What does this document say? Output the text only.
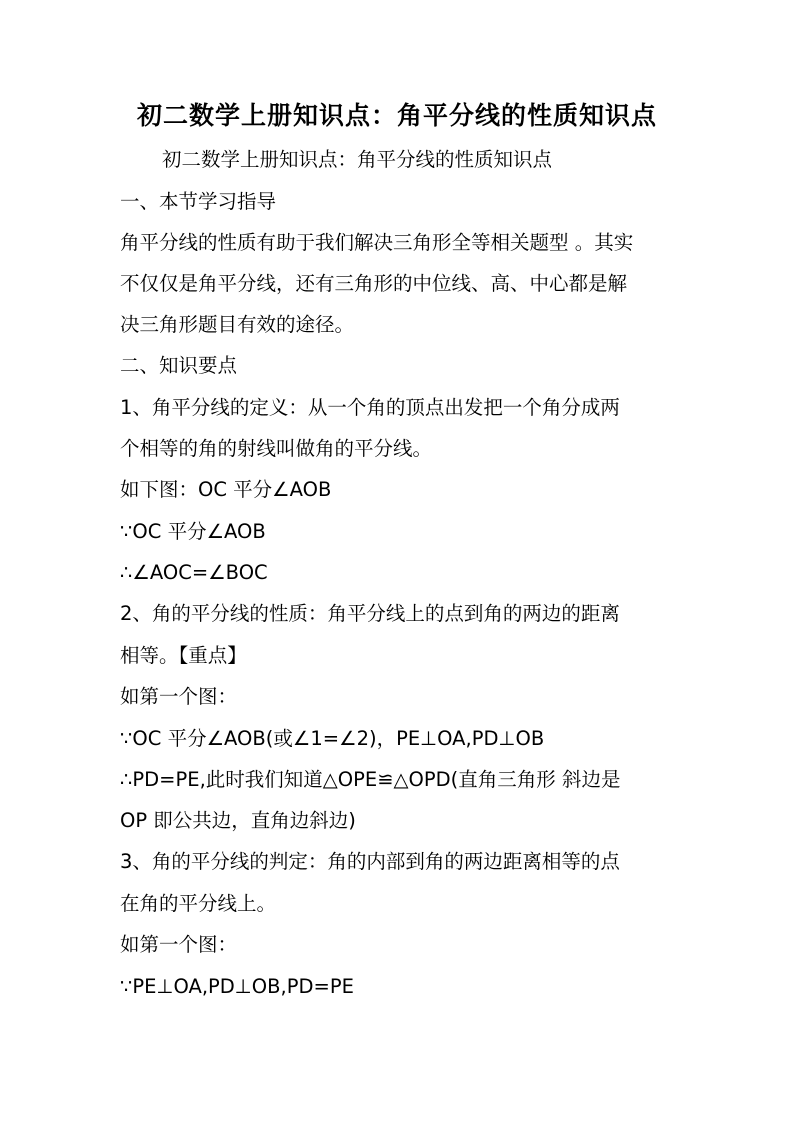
初二数学上册知识点：角平分线的性质知识点
初二数学上册知识点：角平分线的性质知识点
一、本节学习指导
角平分线的性质有助于我们解决三角形全等相关题型 。其实
不仅仅是角平分线，还有三角形的中位线、高、中心都是解
决三角形题目有效的途径。
二、知识要点
1、角平分线的定义：从一个角的顶点出发把一个角分成两
个相等的角的射线叫做角的平分线。
如下图：OC 平分∠AOB
∵OC 平分∠AOB
∴∠AOC=∠BOC
2、角的平分线的性质：角平分线上的点到角的两边的距离
相等。【重点】
如第一个图：
∵OC 平分∠AOB(或∠1=∠2)，PE⊥OA,PD⊥OB
∴PD=PE,此时我们知道△OPE≌△OPD(直角三角形 斜边是
OP 即公共边，直角边斜边)
3、角的平分线的判定：角的内部到角的两边距离相等的点
在角的平分线上。
如第一个图：
∵PE⊥OA,PD⊥OB,PD=PE
